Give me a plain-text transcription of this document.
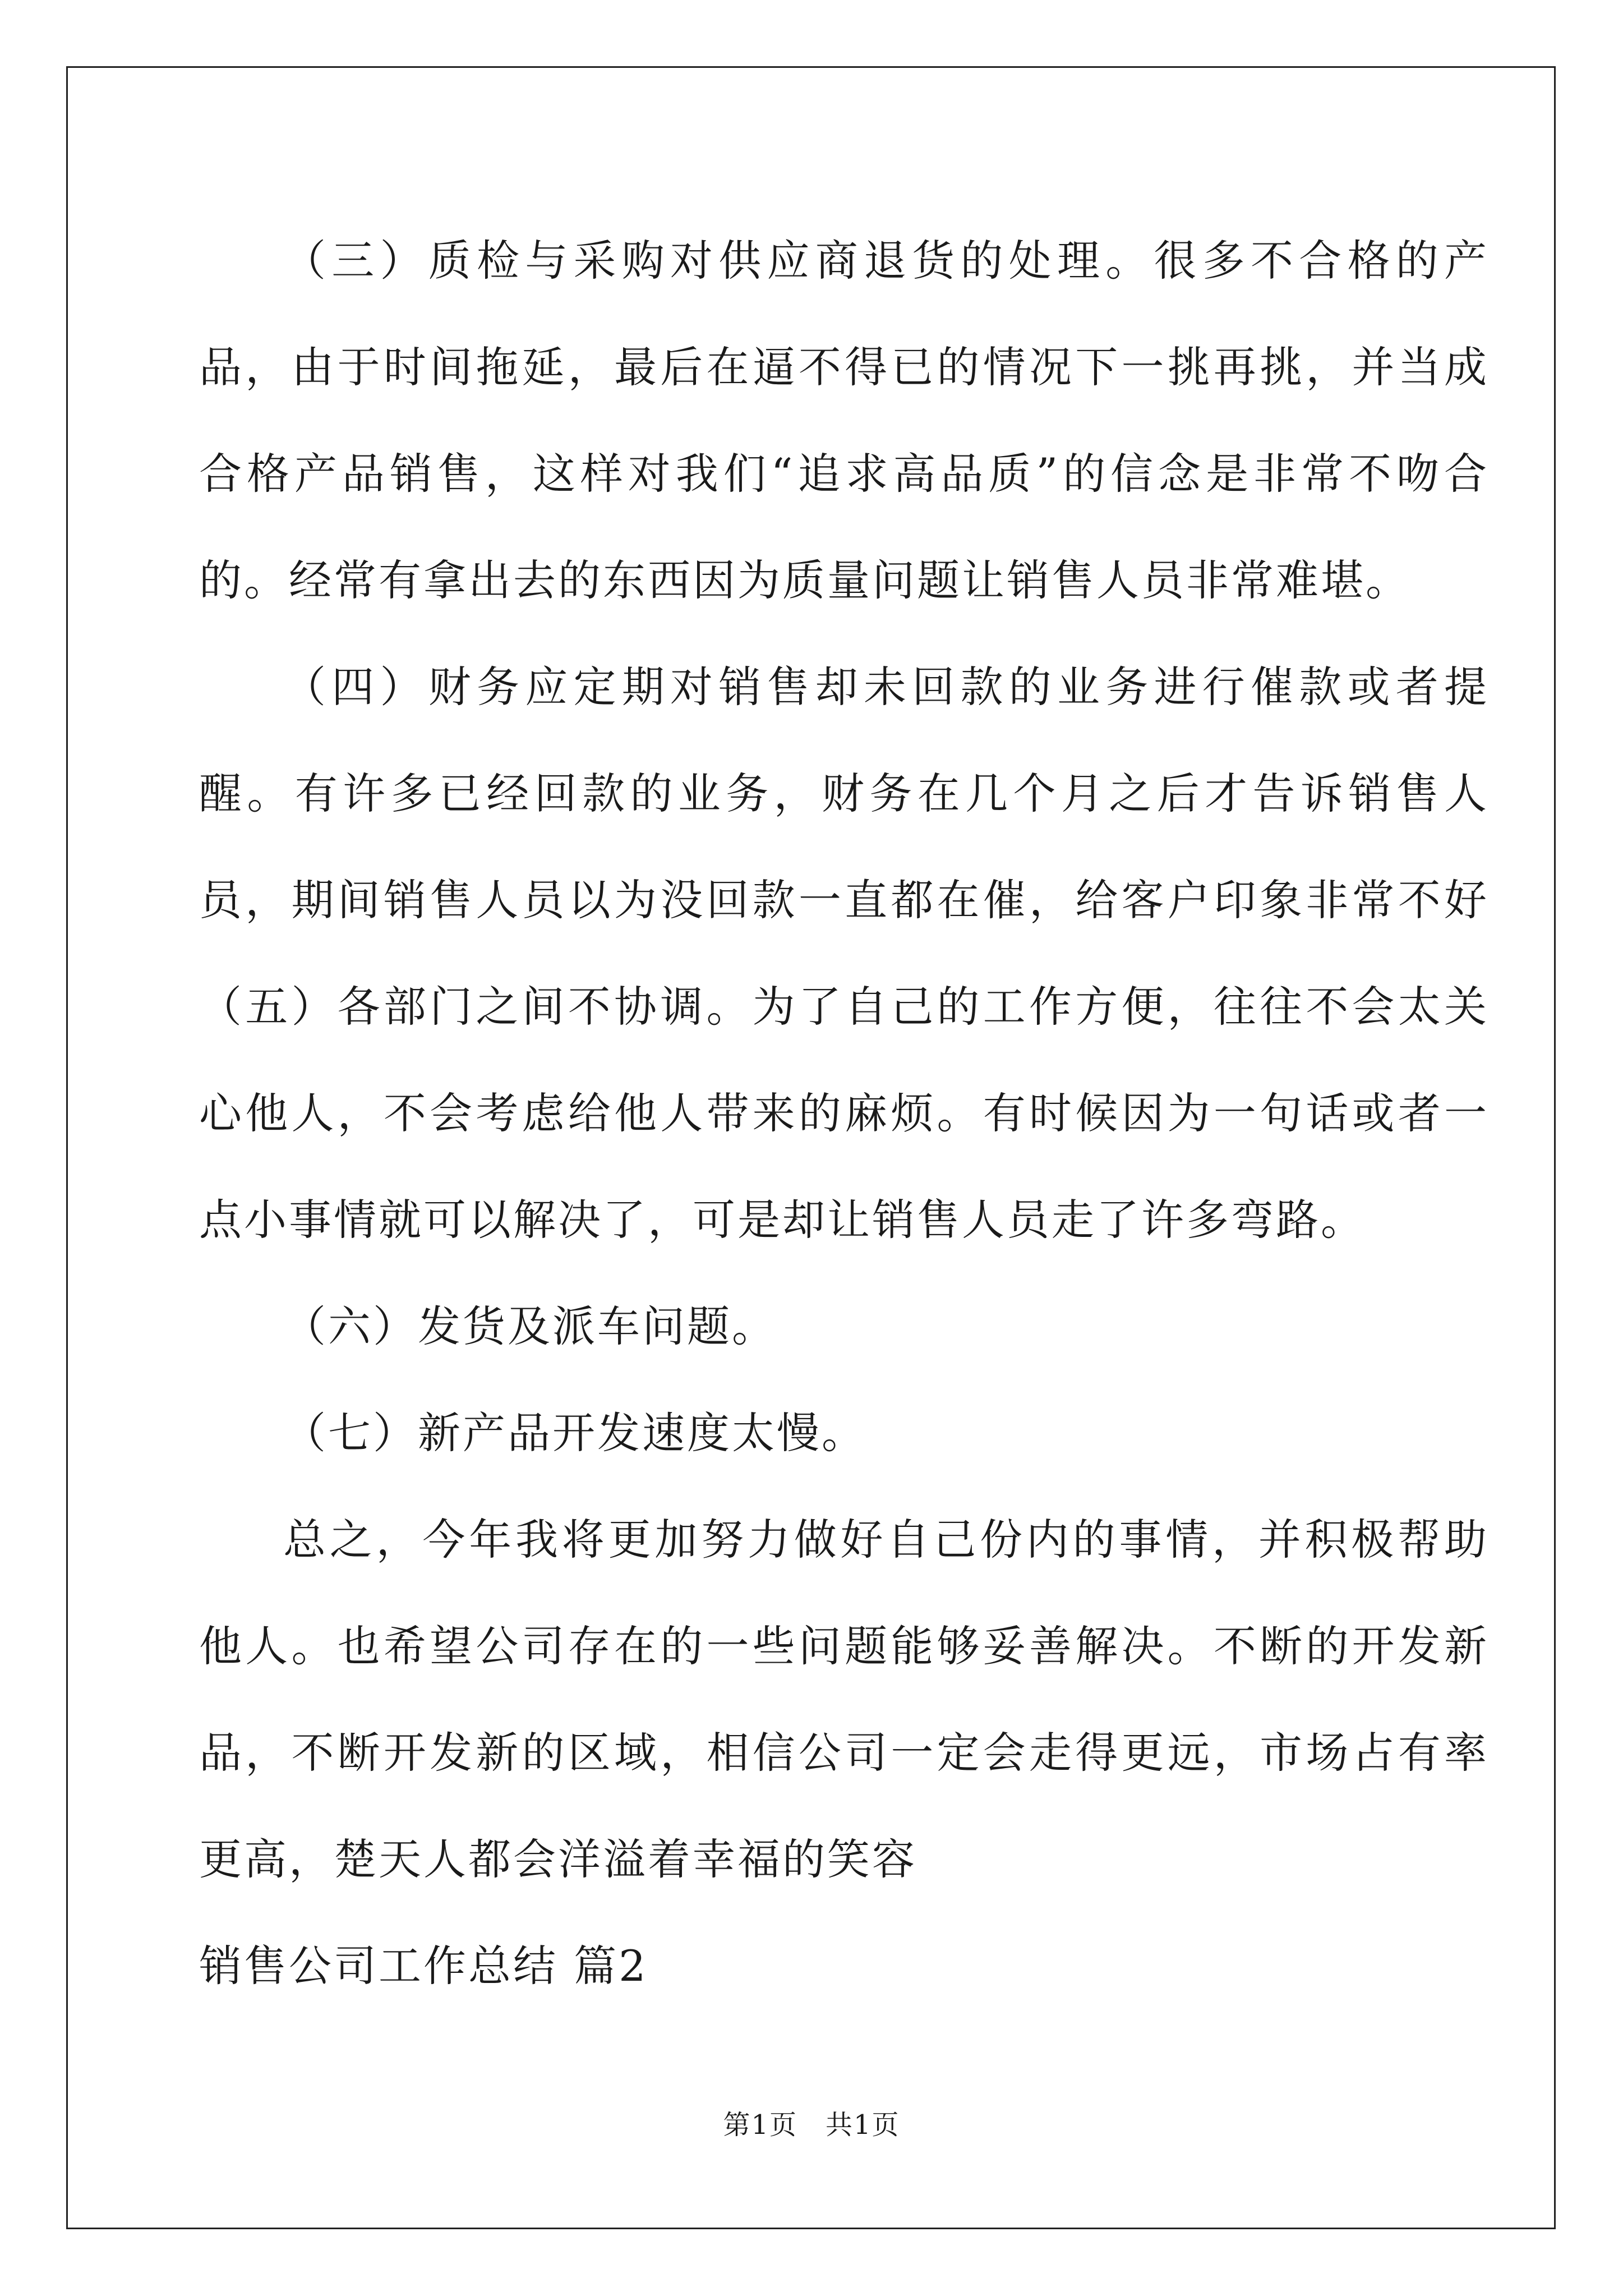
（三）质检与采购对供应商退货的处理。很多不合格的产品，由于时间拖延，最后在逼不得已的情况下一挑再挑，并当成合格产品销售，这样对我们“追求高品质”的信念是非常不吻合的。经常有拿出去的东西因为质量问题让销售人员非常难堪。

（四）财务应定期对销售却未回款的业务进行催款或者提醒。有许多已经回款的业务，财务在几个月之后才告诉销售人员，期间销售人员以为没回款一直都在催，给客户印象非常不好（五）各部门之间不协调。为了自己的工作方便，往往不会太关心他人，不会考虑给他人带来的麻烦。有时候因为一句话或者一点小事情就可以解决了，可是却让销售人员走了许多弯路。

（六）发货及派车问题。

（七）新产品开发速度太慢。

总之，今年我将更加努力做好自己份内的事情，并积极帮助他人。也希望公司存在的一些问题能够妥善解决。不断的开发新品，不断开发新的区域，相信公司一定会走得更远，市场占有率更高，楚天人都会洋溢着幸福的笑容

销售公司工作总结 篇2

第1页　共1页
